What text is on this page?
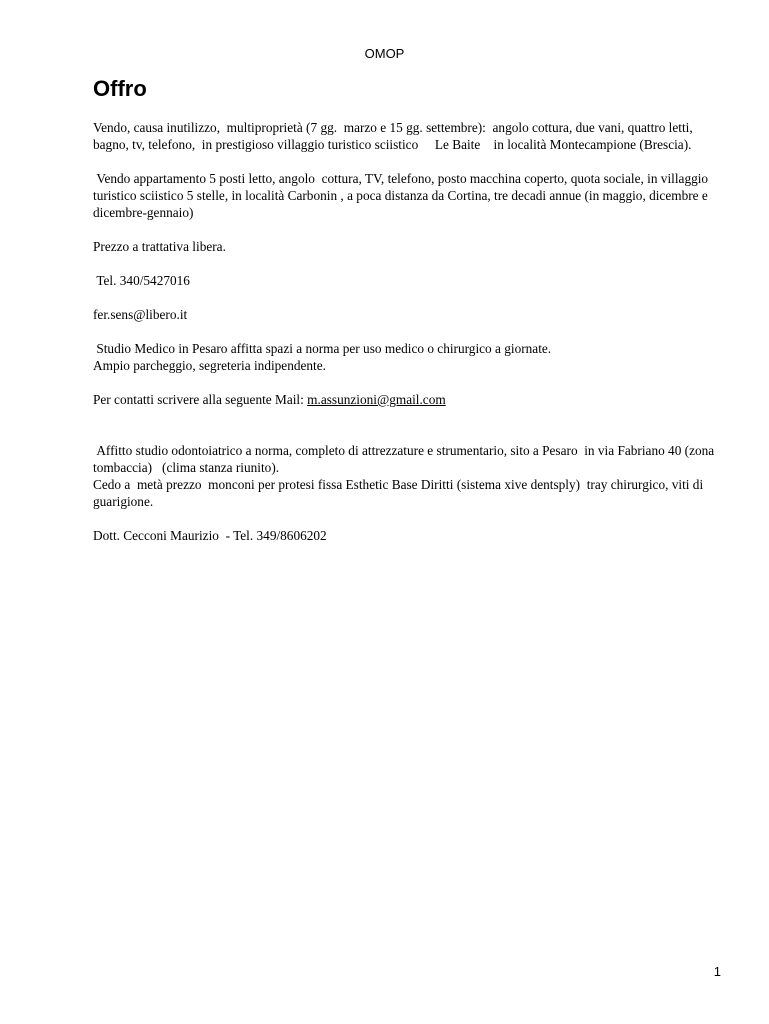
OMOP
Offro

Vendo, causa inutilizzo,  multiproprietà (7 gg.  marzo e 15 gg. settembre):  angolo cottura, due vani, quattro letti, bagno, tv, telefono,  in prestigioso villaggio turistico sciistico     Le Baite    in località Montecampione (Brescia).

Vendo appartamento 5 posti letto, angolo  cottura, TV, telefono, posto macchina coperto, quota sociale, in villaggio turistico sciistico 5 stelle, in località Carbonin , a poca distanza da Cortina, tre decadi annue (in maggio, dicembre e dicembre-gennaio)

Prezzo a trattativa libera.

Tel. 340/5427016

fer.sens@libero.it

Studio Medico in Pesaro affitta spazi a norma per uso medico o chirurgico a giornate.

Ampio parcheggio, segreteria indipendente.

Per contatti scrivere alla seguente Mail: m.assunzioni@gmail.com

Affitto studio odontoiatrico a norma, completo di attrezzature e strumentario, sito a Pesaro  in via Fabriano 40 (zona tombaccia)   (clima stanza riunito).

Cedo a  metà prezzo  monconi per protesi fissa Esthetic Base Diritti (sistema xive dentsply)  tray chirurgico, viti di guarigione.

Dott. Cecconi Maurizio  - Tel. 349/8606202

1
